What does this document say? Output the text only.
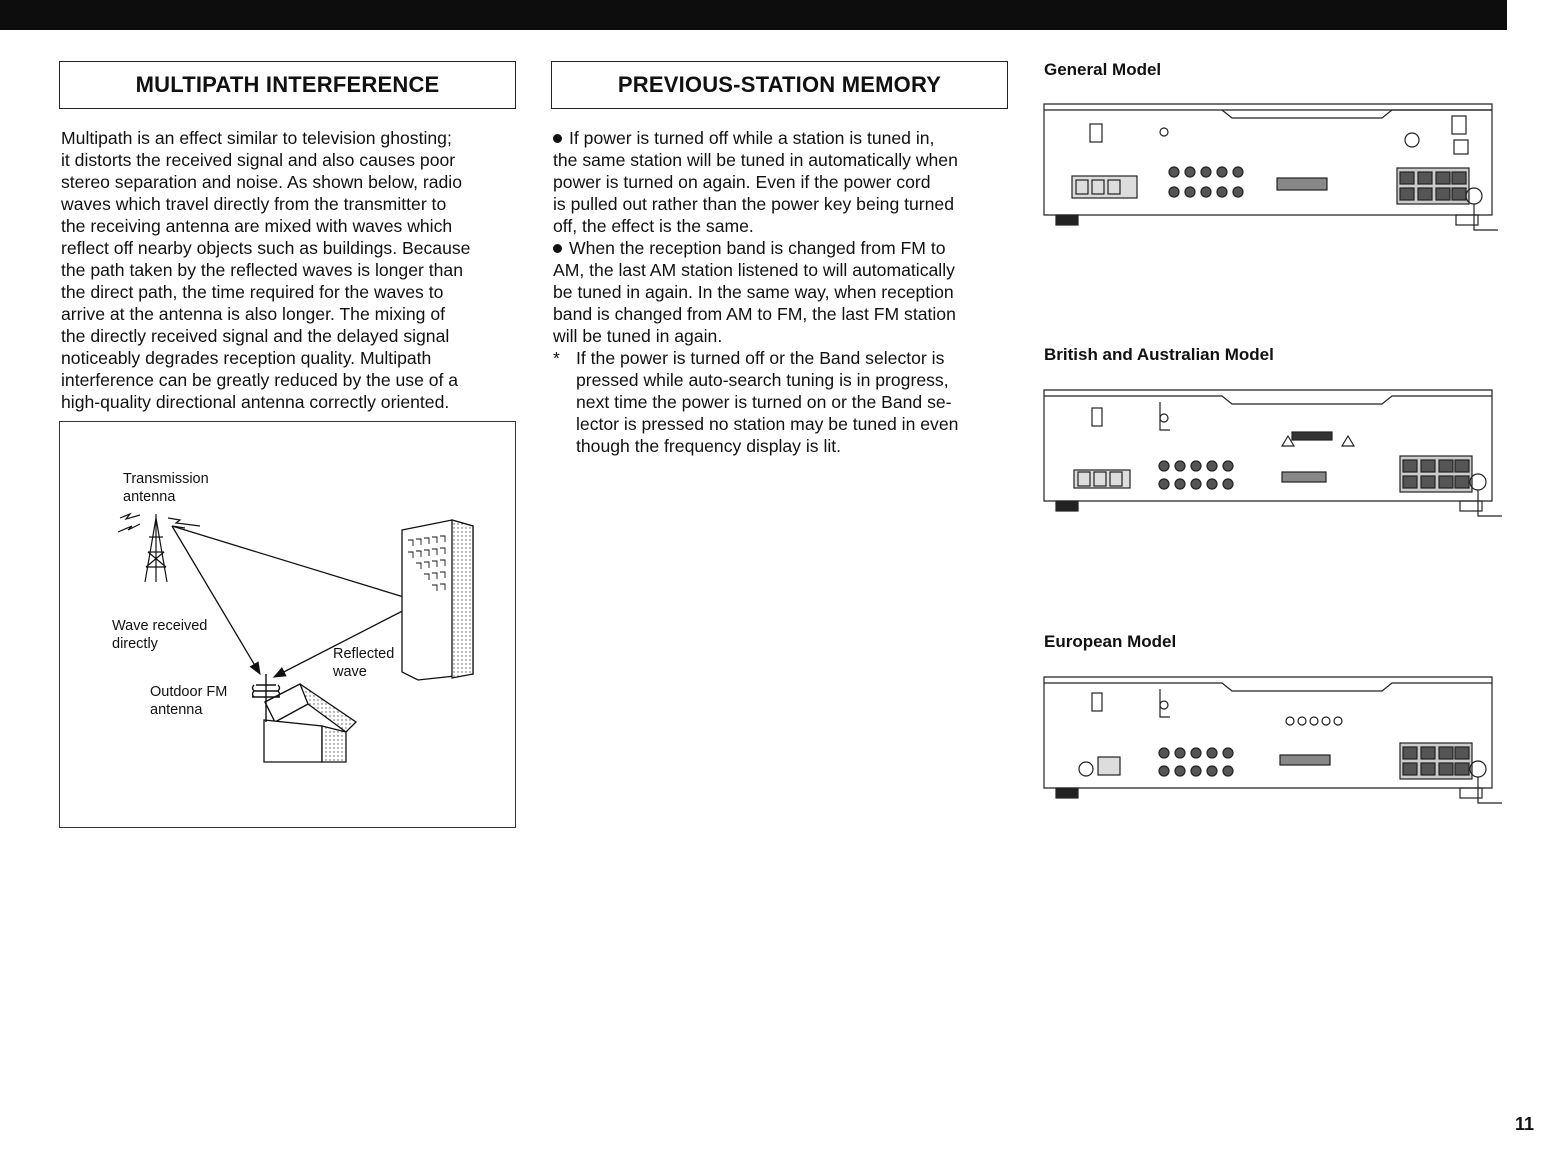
MULTIPATH INTERFERENCE

Multipath is an effect similar to television ghosting;

it distorts the received signal and also causes poor

stereo separation and noise. As shown below, radio

waves which travel directly from the transmitter to

the receiving antenna are mixed with waves which

reflect off nearby objects such as buildings. Because

the path taken by the reflected waves is longer than

the direct path, the time required for the waves to

arrive at the antenna is also longer. The mixing of

the directly received signal and the delayed signal

noticeably degrades reception quality. Multipath

interference can be greatly reduced by the use of a

high-quality directional antenna correctly oriented.

Transmission
antenna
Wave received
directly
Reflected
wave
Outdoor FM
antenna
PREVIOUS-STATION MEMORY

If power is turned off while a station is tuned in,

the same station will be tuned in automatically when

power is turned on again. Even if the power cord

is pulled out rather than the power key being turned

off, the effect is the same.

When the reception band is changed from FM to

AM, the last AM station listened to will automatically

be tuned in again. In the same way, when reception

band is changed from AM to FM, the last FM station

will be tuned in again.

* If the power is turned off or the Band selector is

pressed while auto-search tuning is in progress,

next time the power is turned on or the Band se-

lector is pressed no station may be tuned in even

though the frequency display is lit.

General Model
British and Australian Model
European Model
11
